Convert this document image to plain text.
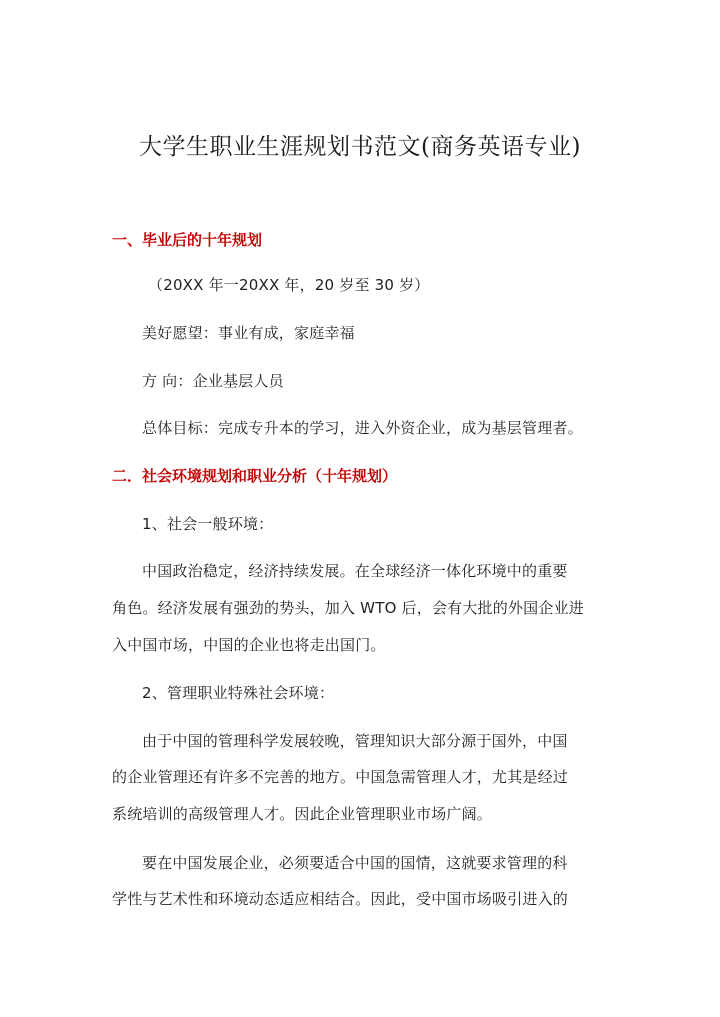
大学生职业生涯规划书范文(商务英语专业)
一、毕业后的十年规划
（20XX 年一20XX 年，20 岁至 30 岁）
美好愿望：事业有成，家庭幸福
方 向：企业基层人员
总体目标：完成专升本的学习，进入外资企业，成为基层管理者。
二．社会环境规划和职业分析（十年规划）
1、社会一般环境：
中国政治稳定，经济持续发展。在全球经济一体化环境中的重要
角色。经济发展有强劲的势头，加入 WTO 后，会有大批的外国企业进
入中国市场，中国的企业也将走出国门。
2、管理职业特殊社会环境：
由于中国的管理科学发展较晚，管理知识大部分源于国外，中国
的企业管理还有许多不完善的地方。中国急需管理人才，尤其是经过
系统培训的高级管理人才。因此企业管理职业市场广阔。
要在中国发展企业，必须要适合中国的国情，这就要求管理的科
学性与艺术性和环境动态适应相结合。因此，受中国市场吸引进入的
